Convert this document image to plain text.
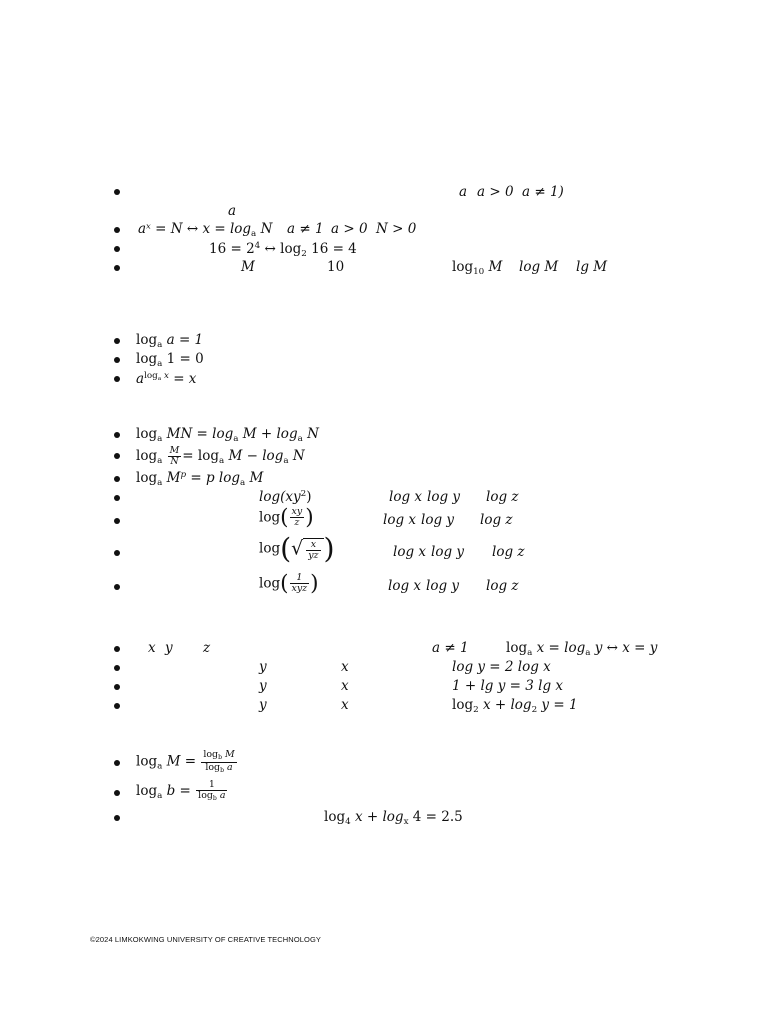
a a > 0 a ≠ 1)
a
aˣ = N ↔ $x = \log_a N$ a ≠ 1 a > 0 N > 0
$16 = 2^4$ ↔ $\log_2 16 = 4$
M	10	$\log_{10} M$ log M lg M
$\log_a a = 1$
$\log_a 1 = 0$
$a^{log_a x} = x$
$\log_a$ MN = $\log_a M + \log_a N$
$\log_a \frac{M}{N} = \log_a M - \log_a N$
$\log_a M^p = p$ $\log_a M$
$\log(xy^2)$	log x log y log z
$\log( \frac{xy}{z}$ )	log x log y log z
$\log(√ \frac{x}{yz}$ )	log x log y log z
$\log( \frac{1}{\text{xyz}}$ )	log x log y log z
x y z	a ≠ 1	$\log_a x = \log_a y$ ↔ x = y
y	x	log y = 2 log x
y	x	1 + lg y = 3 lg x
y	x	$\log_2 x + \log_2 y = 1$
$\log_a M = \frac{\log_b M}{\log_b a}$
$\log_a b = \frac{1}{\log_b a}$
$\log_4 x + \log_x 4 = 2.5$
©2024 LIMKOKWING UNIVERSITY OF CREATIVE TECHNOLOGY
